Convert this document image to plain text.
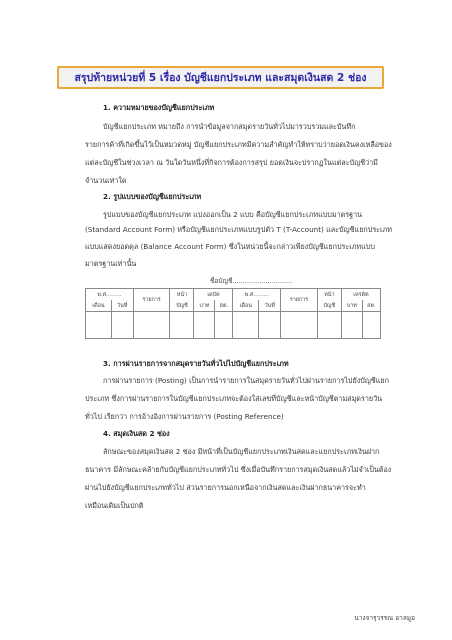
สรุปท้ายหน่วยที่ 5 เรื่อง บัญชีแยกประเภท และสมุดเงินสด 2 ช่อง
1. ความหมายของบัญชีแยกประเภท
บัญชีแยกประเภท หมายถึง การนำข้อมูลจากสมุดรายวันทั่วไปมารวบรวมและบันทึก
รายการค้าที่เกิดขึ้นไว้เป็นหมวดหมู่ บัญชีแยกประเภทมีความสำคัญทำให้ทราบว่ายอดเงินคงเหลือของ
แต่ละบัญชีในช่วงเวลา ณ วันใดวันหนึ่งที่กิจการต้องการสรุป ยอดเงินจะปรากฏในแต่ละบัญชีว่ามี
จำนวนเท่าใด
2. รูปแบบของบัญชีแยกประเภท
รูปแบบของบัญชีแยกประเภท แบ่งออกเป็น 2 แบบ คือบัญชีแยกประเภทแบบมาตรฐาน
(Standard Account Form) หรือบัญชีแยกประเภทแบบรูปตัว T (T-Account) และบัญชีแยกประเภท
ชื่อบัญชี.............................
พ.ศ.........		รายการ	หน้า	เดบิต		พ.ศ.........		รายการ	หน้า	เครดิต	
เดือน	วันที่		บัญชี	บาท	สต.	เดือน	วันที่		บัญชี	บาท	สต.

3. การผ่านรายการจากสมุดรายวันทั่วไปไปบัญชีแยกประเภท
การผ่านรายการ (Posting) เป็นการนำรายการในสมุดรายวันทั่วไปผ่านรายการไปยังบัญชีแยก
ประเภท ซึ่งการผ่านรายการในบัญชีแยกประเภทจะต้องใส่เลขที่บัญชีและหน้าบัญชีตามสมุดรายวัน
ทั่วไป เรียกว่า การอ้างอิงการผ่านรายการ (Posting Reference)
4. สมุดเงินสด 2 ช่อง
ลักษณะของสมุดเงินสด 2 ช่อง มีหน้าที่เป็นบัญชีแยกประเภทเงินสดและแยกประเภทเงินฝาก
ธนาคาร มีลักษณะคล้ายกับบัญชีแยกประเภททั่วไป ซึ่งเมื่อบันทึกรายการสมุดเงินสดแล้วไม่จำเป็นต้อง
ผ่านไปยังบัญชีแยกประเภททั่วไป ส่วนรายการนอกเหนือจากเงินสดและเงินฝากธนาคารจะทำ
เหมือนเดิมเป็นปกติ
นางจารุวรรณ อาลมูอ
แบบแสดงยอดดุล (Balance Account Form) ซึ่งในหน่วยนี้จะกล่าวเพียงบัญชีแยกประเภทแบบ
มาตรฐานเท่านั้น
